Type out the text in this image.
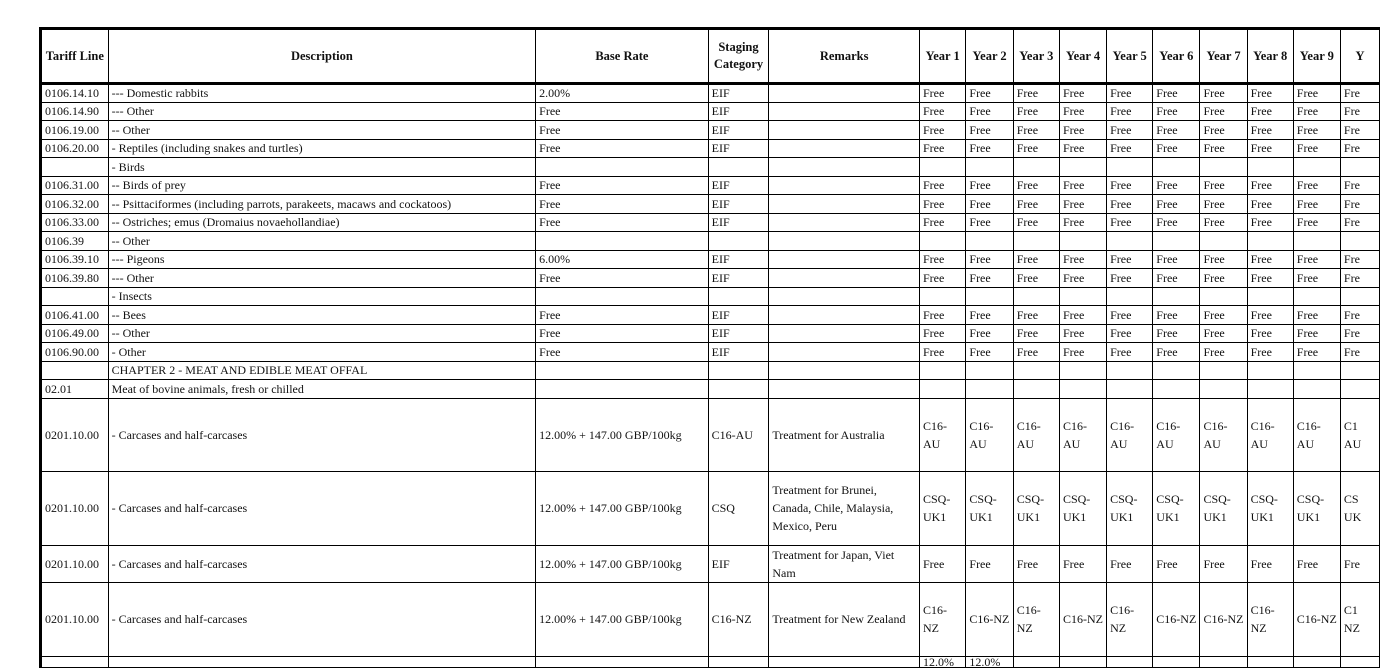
Tariff Line	Description	Base Rate	Staging Category	Remarks	Year 1	Year 2	Year 3	Year 4	Year 5	Year 6	Year 7	Year 8	Year 9	Y
0106.14.10	--- Domestic rabbits	2.00%	EIF		Free	Free	Free	Free	Free	Free	Free	Free	Free	Fre
0106.14.90	--- Other	Free	EIF		Free	Free	Free	Free	Free	Free	Free	Free	Free	Fre
0106.19.00	-- Other	Free	EIF		Free	Free	Free	Free	Free	Free	Free	Free	Free	Fre
0106.20.00	- Reptiles (including snakes and turtles)	Free	EIF		Free	Free	Free	Free	Free	Free	Free	Free	Free	Fre
	- Birds													
0106.31.00	-- Birds of prey	Free	EIF		Free	Free	Free	Free	Free	Free	Free	Free	Free	Fre
0106.32.00	-- Psittaciformes (including parrots, parakeets, macaws and cockatoos)	Free	EIF		Free	Free	Free	Free	Free	Free	Free	Free	Free	Fre
0106.33.00	-- Ostriches; emus (Dromaius novaehollandiae)	Free	EIF		Free	Free	Free	Free	Free	Free	Free	Free	Free	Fre
0106.39	-- Other													
0106.39.10	--- Pigeons	6.00%	EIF		Free	Free	Free	Free	Free	Free	Free	Free	Free	Fre
0106.39.80	--- Other	Free	EIF		Free	Free	Free	Free	Free	Free	Free	Free	Free	Fre
	- Insects													
0106.41.00	-- Bees	Free	EIF		Free	Free	Free	Free	Free	Free	Free	Free	Free	Fre
0106.49.00	-- Other	Free	EIF		Free	Free	Free	Free	Free	Free	Free	Free	Free	Fre
0106.90.00	- Other	Free	EIF		Free	Free	Free	Free	Free	Free	Free	Free	Free	Fre
	CHAPTER 2 - MEAT AND EDIBLE MEAT OFFAL													
02.01	Meat of bovine animals, fresh or chilled													
0201.10.00	- Carcases and half-carcases	12.00% + 147.00 GBP/100kg	C16-AU	Treatment for Australia	C16-AU	C16-AU	C16-AU	C16-AU	C16-AU	C16-AU	C16-AU	C16-AU	C16-AU	C1 AU
0201.10.00	- Carcases and half-carcases	12.00% + 147.00 GBP/100kg	CSQ	Treatment for Brunei, Canada, Chile, Malaysia, Mexico, Peru	CSQ-UK1	CSQ-UK1	CSQ-UK1	CSQ-UK1	CSQ-UK1	CSQ-UK1	CSQ-UK1	CSQ-UK1	CSQ-UK1	CS UK
0201.10.00	- Carcases and half-carcases	12.00% + 147.00 GBP/100kg	EIF	Treatment for Japan, Viet Nam	Free	Free	Free	Free	Free	Free	Free	Free	Free	Fre
0201.10.00	- Carcases and half-carcases	12.00% + 147.00 GBP/100kg	C16-NZ	Treatment for New Zealand	C16-NZ	C16-NZ	C16-NZ	C16-NZ	C16-NZ	C16-NZ	C16-NZ	C16-NZ	C16-NZ	C1 NZ
					12.0%	12.0%								
